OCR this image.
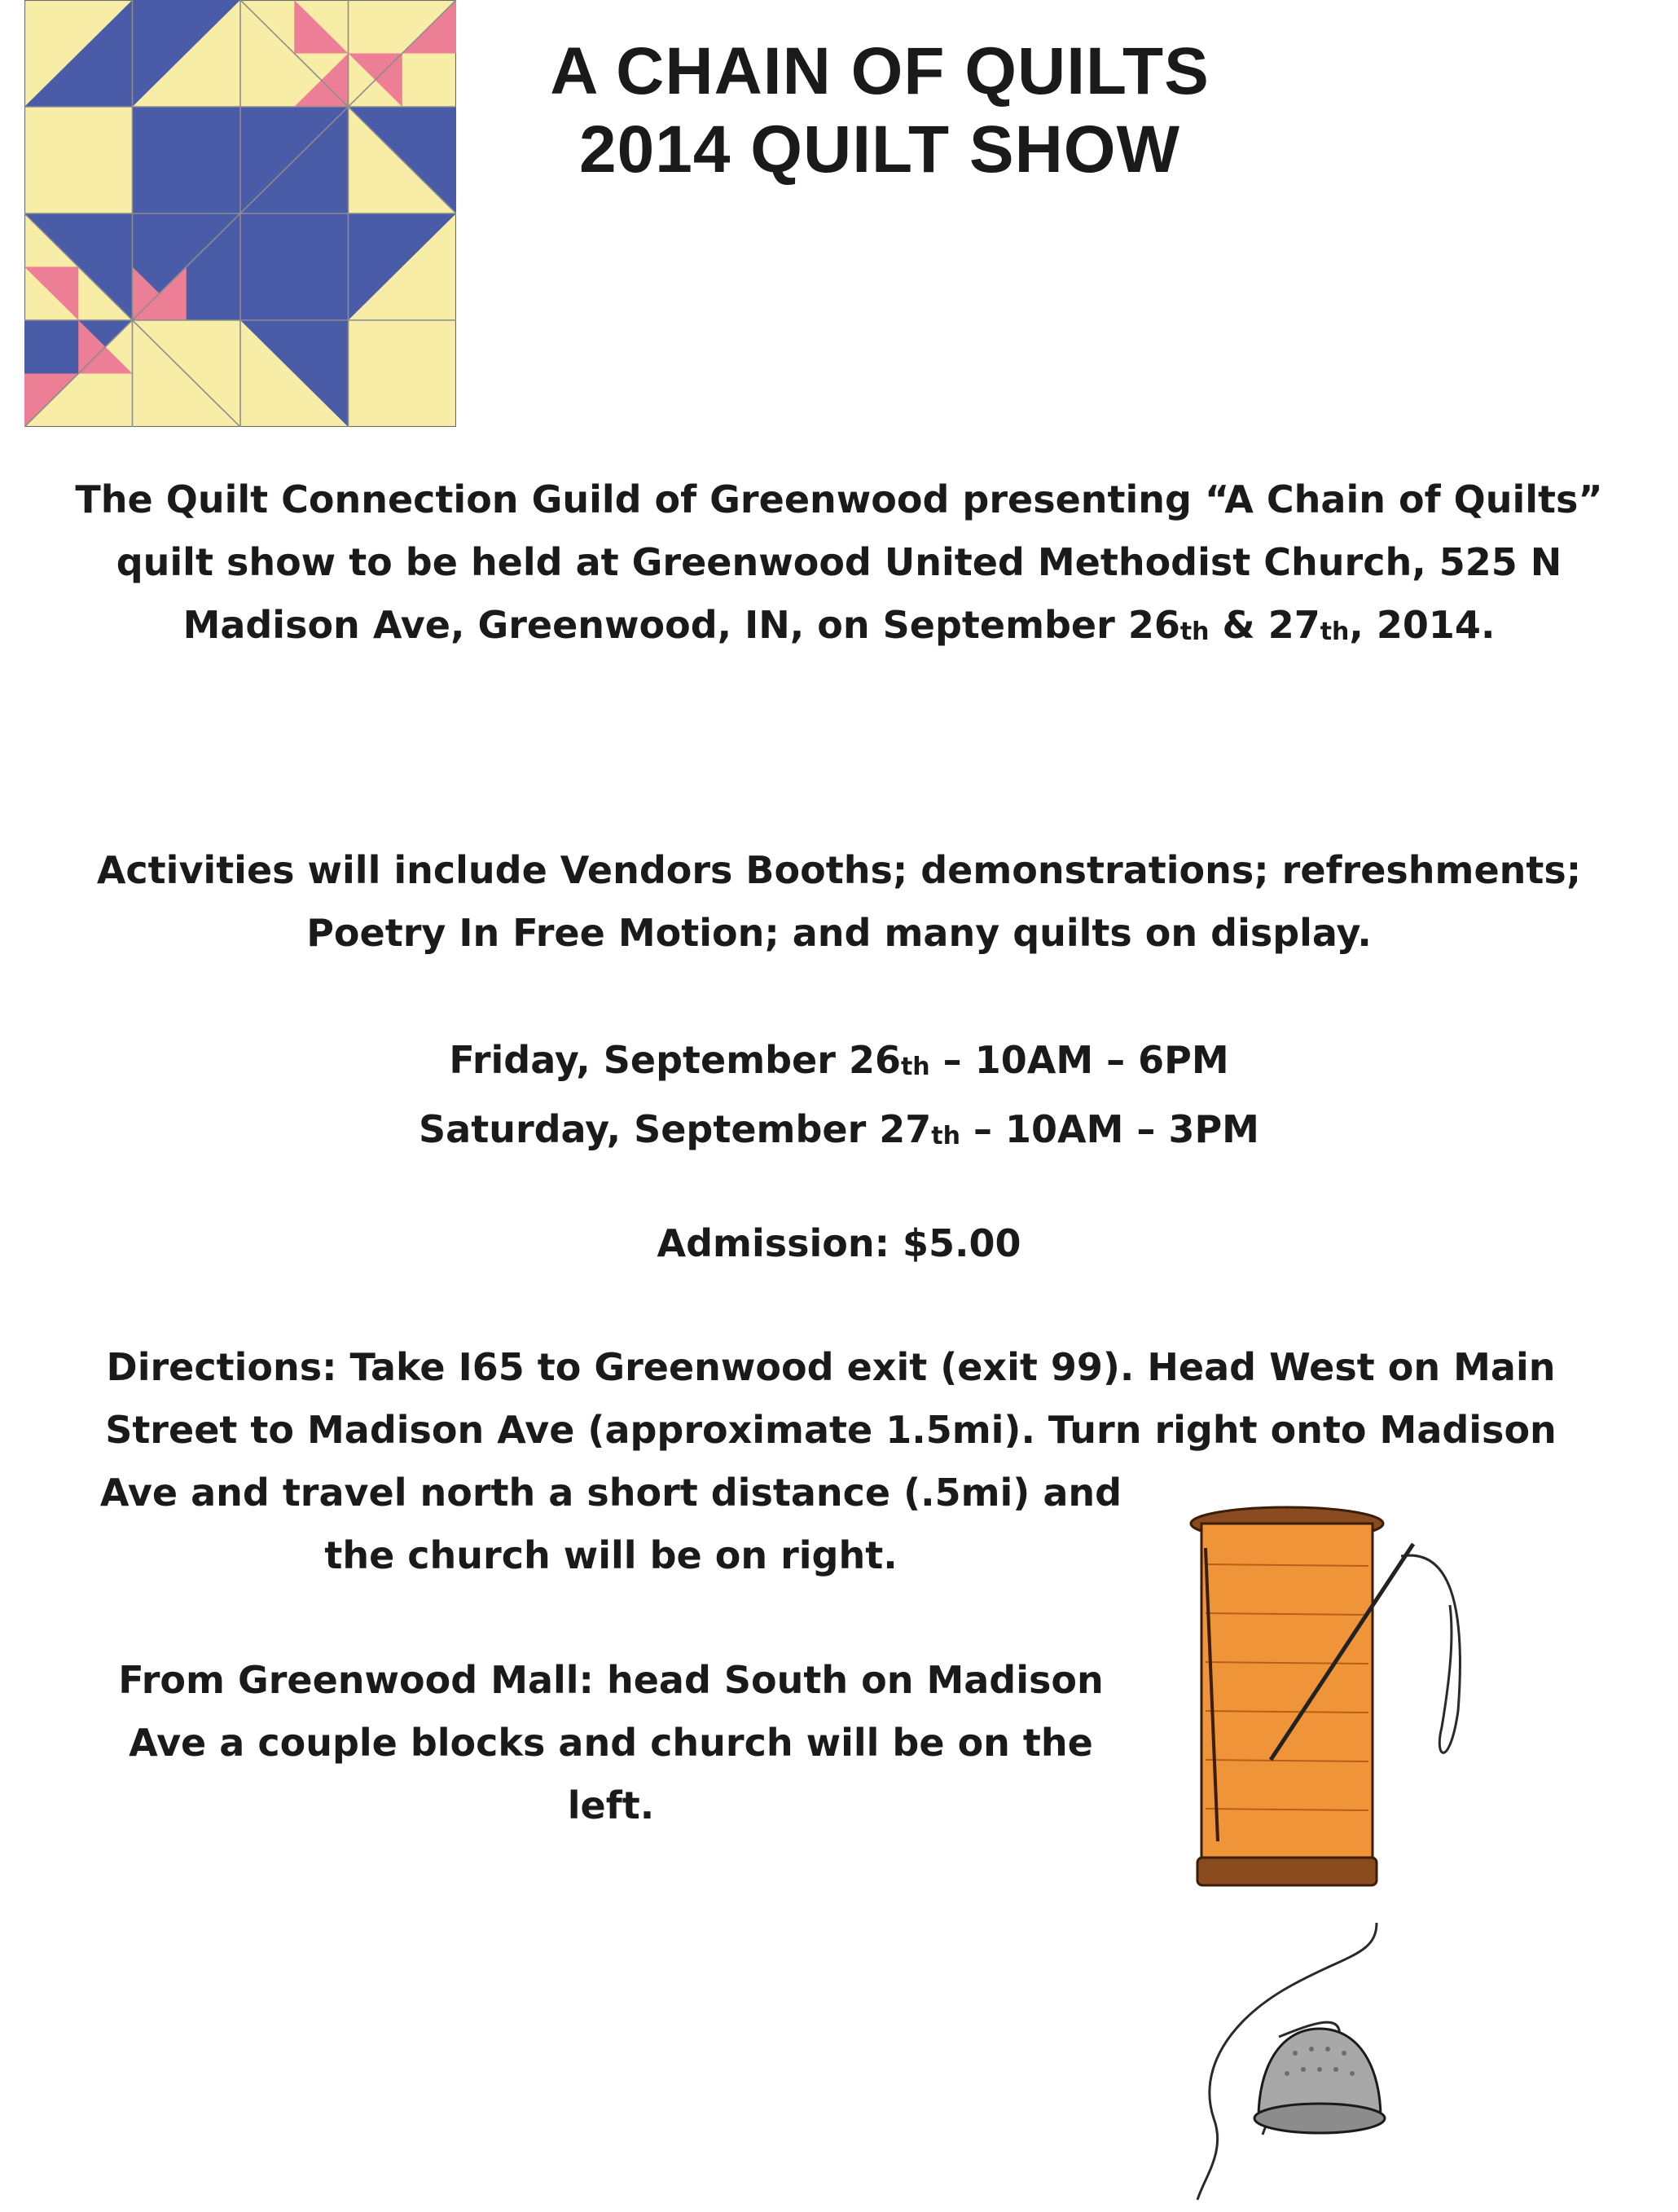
A CHAIN OF QUILTS
2014 QUILT SHOW
The Quilt Connection Guild of Greenwood presenting “A Chain of Quilts”
quilt show to be held at Greenwood United Methodist Church, 525 N
Madison Ave, Greenwood, IN, on September $26_{th}$ & $27_{th}$, 2014.
Activities will include Vendors Booths; demonstrations; refreshments;
Poetry In Free Motion; and many quilts on display.
Friday, September $26_{th} - 10AM - 6PM$
Saturday, September $27_{th} - 10AM - 3PM$
Admission: $5.00
Directions: Take I65 to Greenwood exit (exit 99). Head West on Main
Street to Madison Ave (approximate 1.5mi). Turn right onto Madison
Ave and travel north a short distance (.5mi) and
the church will be on right.
From Greenwood Mall: head South on Madison
Ave a couple blocks and church will be on the
left.
